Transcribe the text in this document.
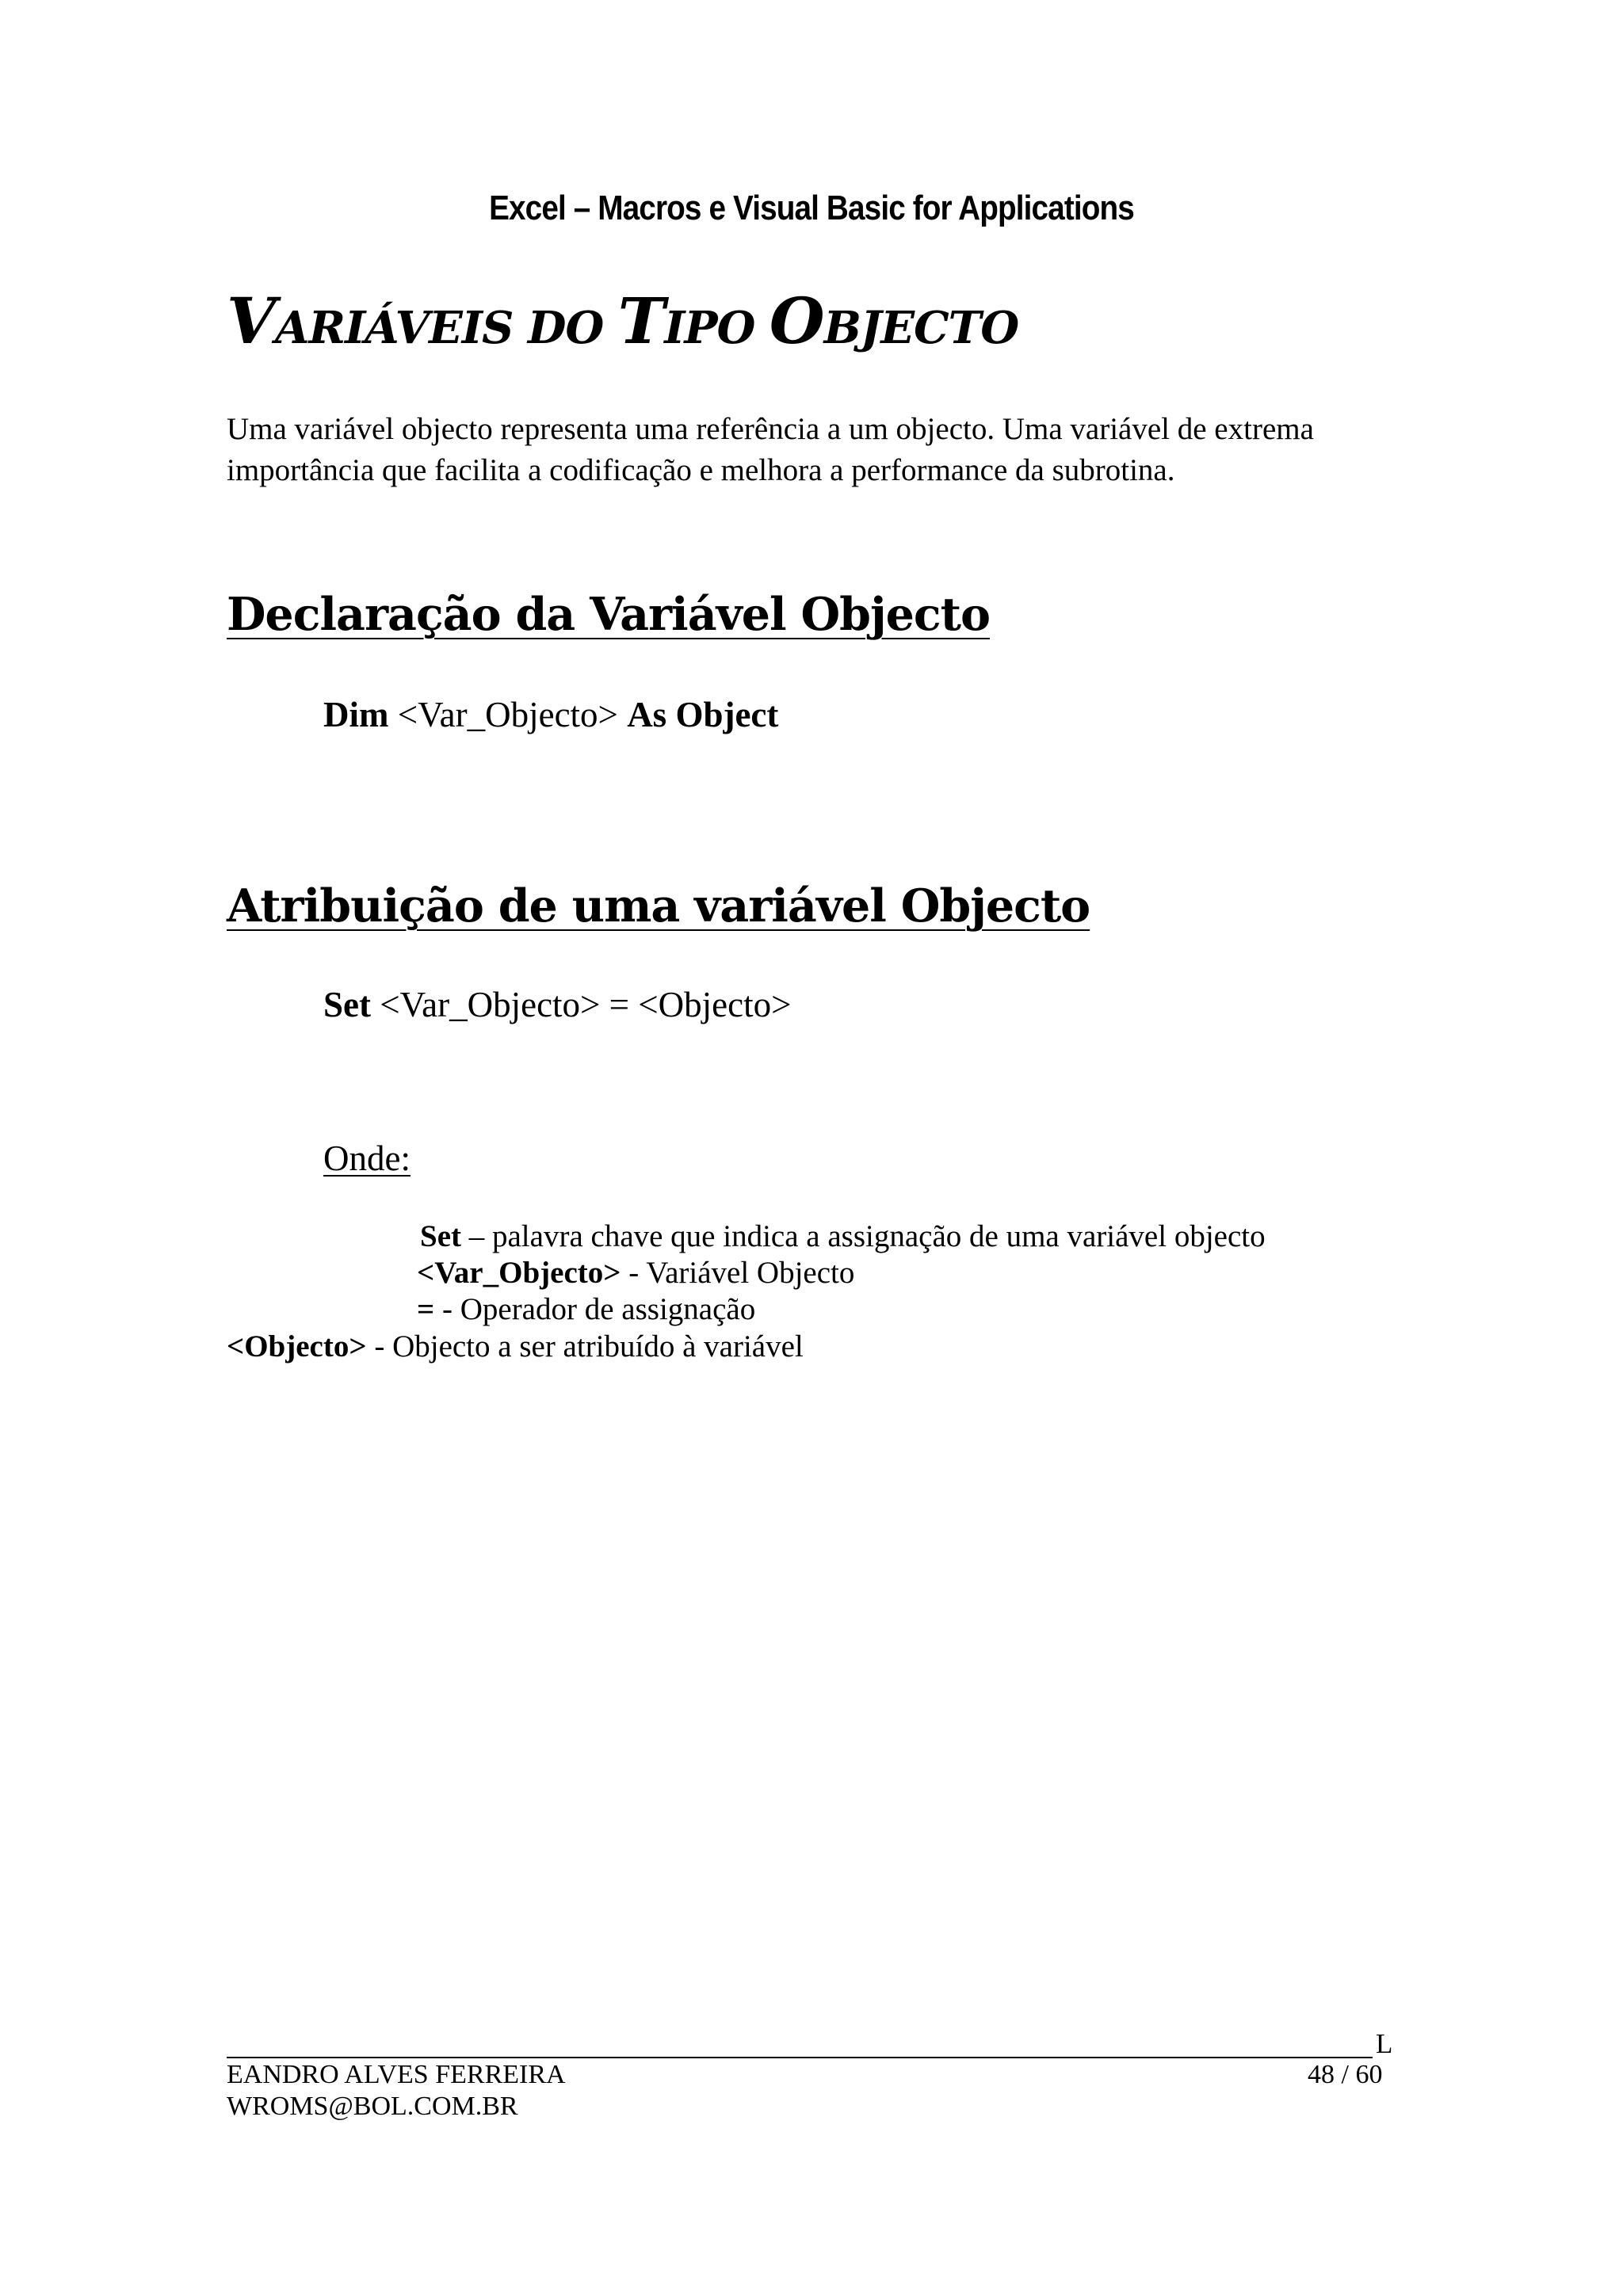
Excel – Macros e Visual Basic for Applications

VARIÁVEIS DO TIPO OBJECTO

Uma variável objecto representa uma referência a um objecto. Uma variável de extrema importância que facilita a codificação e melhora a performance da subrotina.

Declaração da Variável Objecto

Dim <Var_Objecto> As Object

Atribuição de uma variável Objecto

Set <Var_Objecto> = <Objecto>

Onde:

Set – palavra chave que indica a assignação de uma variável objecto

<Var_Objecto> - Variável Objecto

= - Operador de assignação

<Objecto> - Objecto a ser atribuído à variável

L
EANDRO ALVES FERREIRA
WROMS@BOL.COM.BR
48 / 60
